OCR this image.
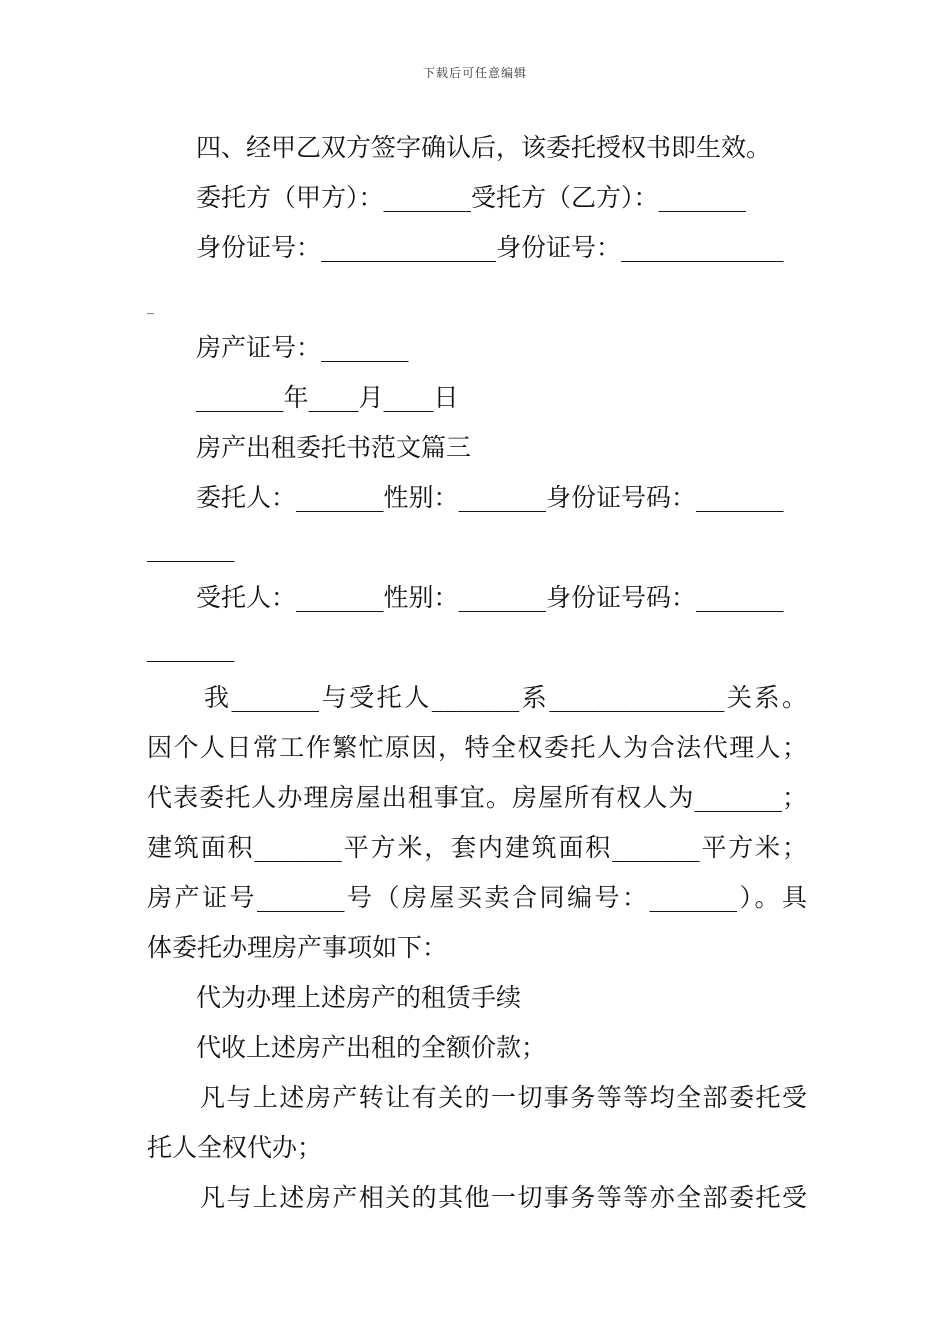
下载后可任意编辑
四、经甲乙双方签字确认后，该委托授权书即生效。
委托方（甲方）：_______受托方（乙方）：_______
身份证号：______________身份证号：_____________
_
房产证号：_______
_______年____月____日
房产出租委托书范文篇三
委托人：_______性别：_______身份证号码：_______
_______
受托人：_______性别：_______身份证号码：_______
_______
我_______与受托人_______系______________关系。
因个人日常工作繁忙原因，特全权委托人为合法代理人；
代表委托人办理房屋出租事宜。房屋所有权人为_______；
建筑面积_______平方米，套内建筑面积_______平方米；
房产证号_______号（房屋买卖合同编号：_______）。具
体委托办理房产事项如下：
代为办理上述房产的租赁手续
代收上述房产出租的全额价款；
凡与上述房产转让有关的一切事务等等均全部委托受
托人全权代办；
凡与上述房产相关的其他一切事务等等亦全部委托受
